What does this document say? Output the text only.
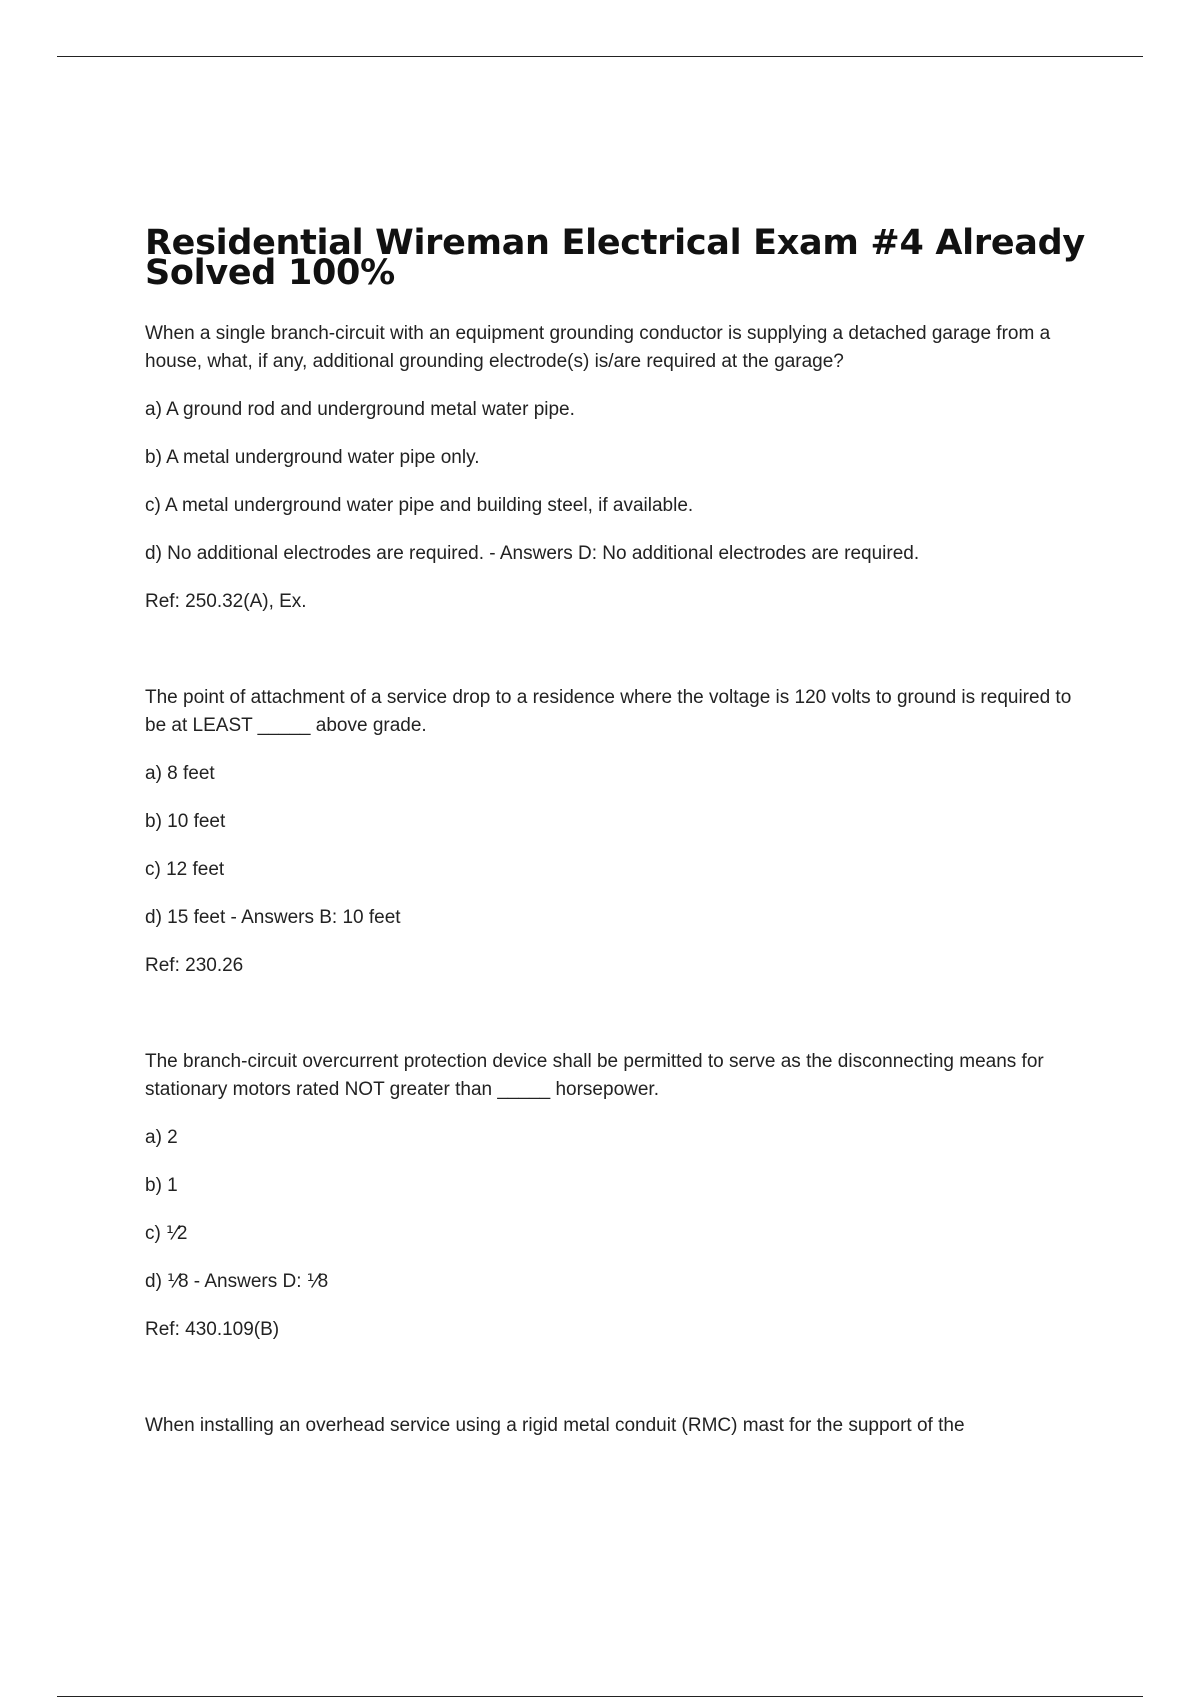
Residential Wireman Electrical Exam #4 Already Solved 100%

When a single branch-circuit with an equipment grounding conductor is supplying a detached garage from a house, what, if any, additional grounding electrode(s) is/are required at the garage?

a) A ground rod and underground metal water pipe.

b) A metal underground water pipe only.

c) A metal underground water pipe and building steel, if available.

d) No additional electrodes are required. - Answers D: No additional electrodes are required.

Ref: 250.32(A), Ex.

The point of attachment of a service drop to a residence where the voltage is 120 volts to ground is required to be at LEAST _____ above grade.

a) 8 feet

b) 10 feet

c) 12 feet

d) 15 feet - Answers B: 10 feet

Ref: 230.26

The branch-circuit overcurrent protection device shall be permitted to serve as the disconnecting means for stationary motors rated NOT greater than _____ horsepower.

a) 2

b) 1

c) ⅟2

d) ⅟8 - Answers D: ⅟8

Ref: 430.109(B)

When installing an overhead service using a rigid metal conduit (RMC) mast for the support of the
